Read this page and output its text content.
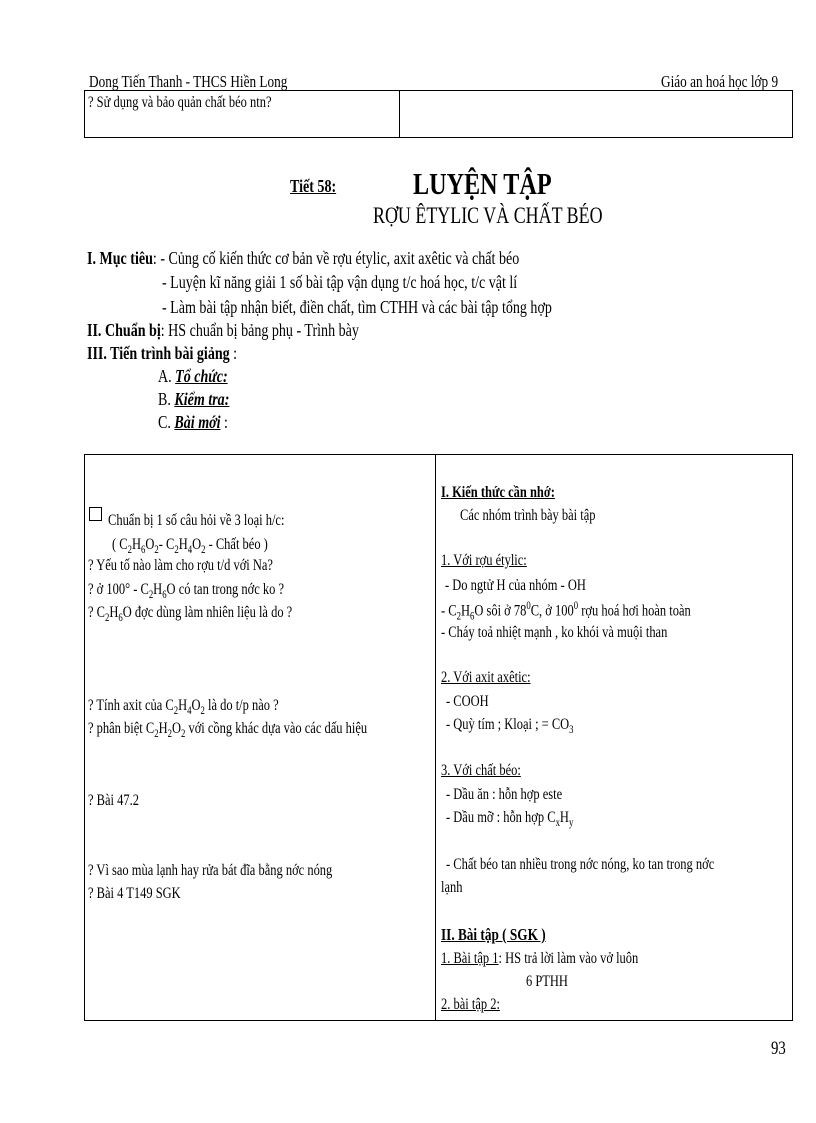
Dong Tiến Thanh - THCS Hiền Long	Giáo an hoá học lớp 9
? Sử dụng và bảo quản chất béo ntn?
Tiết 58: LUYỆN TẬP
RỢU ÊTYLIC VÀ CHẤT BÉO
I. Mục tiêu: - Củng cố kiến thức cơ bản về rợu étylic, axit axêtic và chất béo
- Luyện kĩ năng giải 1 số bài tập vận dụng t/c hoá học, t/c vật lí
- Làm bài tập nhận biết, điền chất, tìm CTHH và các bài tập tổng hợp
II. Chuẩn bị: HS chuẩn bị bảng phụ - Trình bày
III. Tiến trình bài giảng :
A. Tổ chức:
B. Kiểm tra:
C. Bài mới :
Chuẩn bị 1 số câu hỏi về 3 loại h/c:
( $C_2H_6O_2-$ $C_2H_4O_2$ - Chất béo )
? Yếu tố nào làm cho rợu t/d với Na?
? ở $100^\circ - C_2H_6O$ có tan trong nớc ko ?
? $C_2H_6O$ đợc dùng làm nhiên liệu là do ?
? Tính axit của $C_2H_4O_2$ là do t/p nào ?
? phân biệt $C_2H_2O_2$ với cồng khác dựa vào các dấu hiệu
? Bài 47.2
? Vì sao mùa lạnh hay rửa bát đĩa bằng nớc nóng
? Bài 4 T149 SGK
I. Kiến thức cần nhớ:
Các nhóm trình bày bài tập
1. Với rợu étylic:
- Do ngtử H của nhóm - OH
- $C_2H_6O$ sôi ở $78^0C$, ở $100^0$ rợu hoá hơi hoàn toàn
- Cháy toả nhiệt mạnh , ko khói và muội than
2. Với axit axêtic:
- COOH
- Quỳ tím ; Kloại ; = $CO_3$
3. Với chất béo:
- Dầu ăn : hỗn hợp este
- Dầu mỡ : hỗn hợp $C_xH_y$
- Chất béo tan nhiều trong nớc nóng, ko tan trong nớc
lạnh
II. Bài tập ( SGK )
1. Bài tập 1: HS trả lời làm vào vở luôn
6 PTHH
2. bài tập 2:
93
